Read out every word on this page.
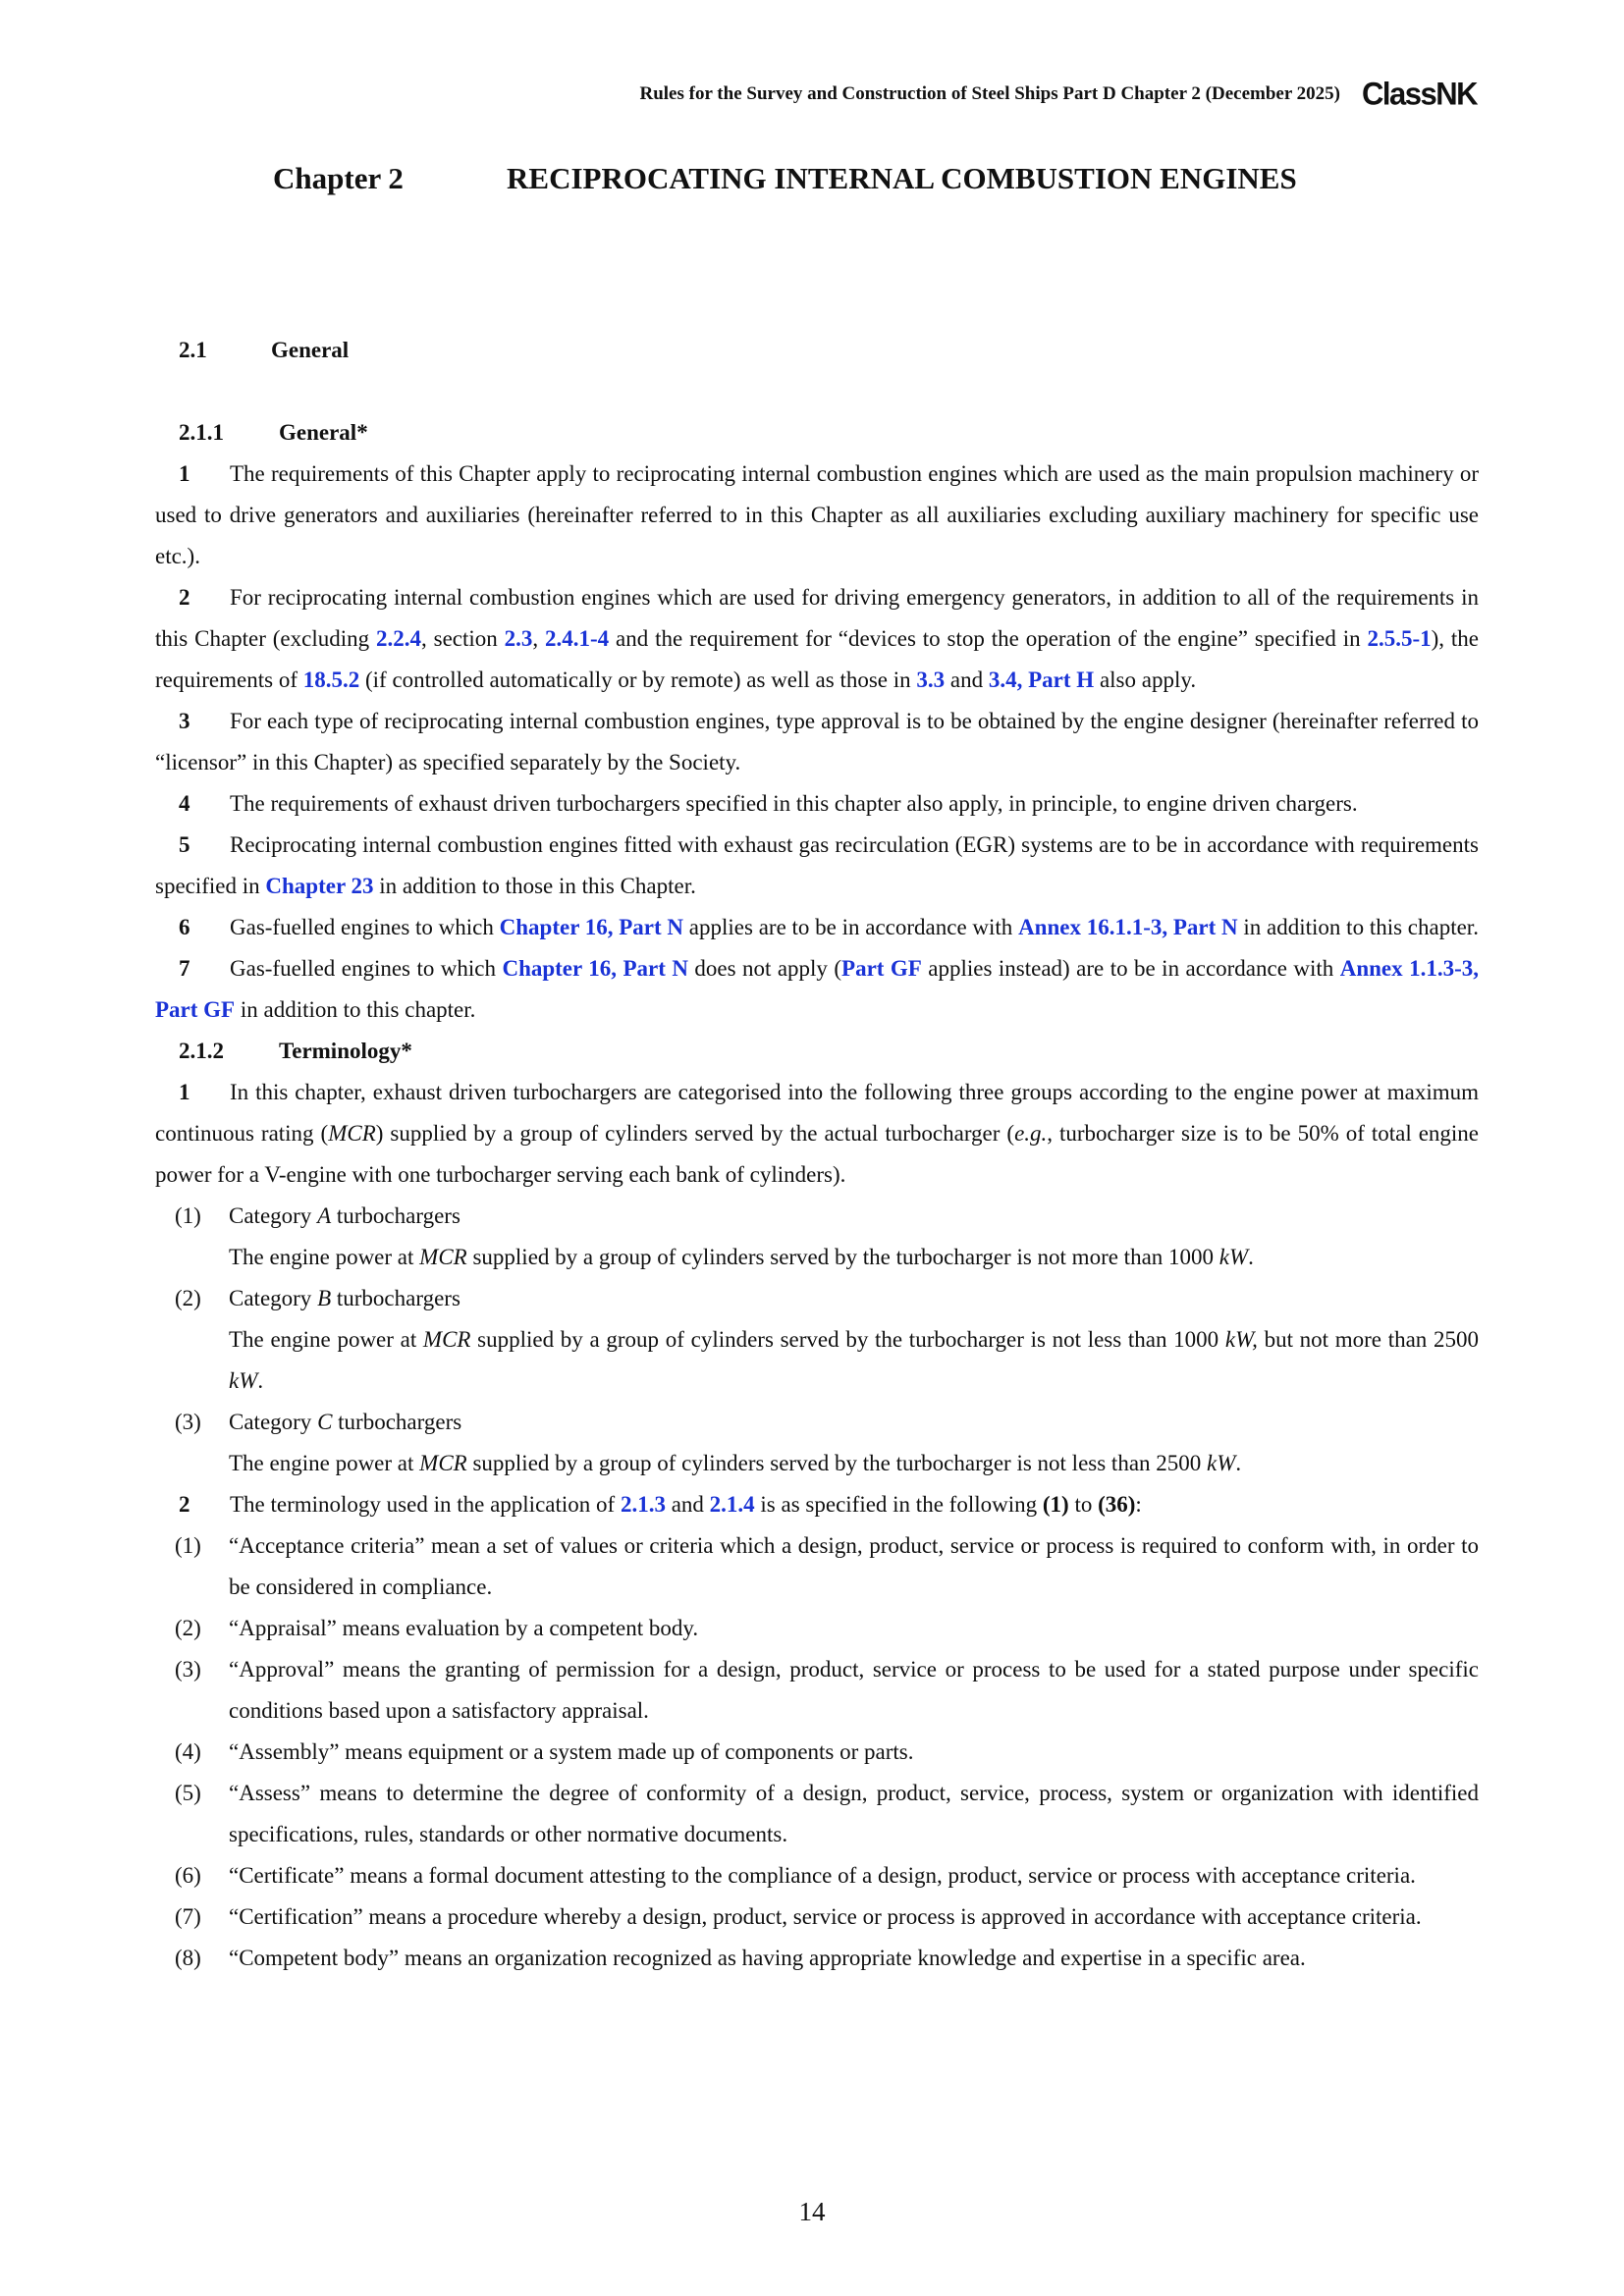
Rules for the Survey and Construction of Steel Ships Part D Chapter 2 (December 2025) ClassNK
Chapter 2	RECIPROCATING INTERNAL COMBUSTION ENGINES
2.1	General
2.1.1 General*

1 The requirements of this Chapter apply to reciprocating internal combustion engines which are used as the main propulsion machinery or used to drive generators and auxiliaries (hereinafter referred to in this Chapter as all auxiliaries excluding auxiliary machinery for specific use etc.).

2 For reciprocating internal combustion engines which are used for driving emergency generators, in addition to all of the requirements in this Chapter (excluding 2.2.4, section 2.3, 2.4.1-4 and the requirement for “devices to stop the operation of the engine” specified in 2.5.5-1), the requirements of 18.5.2 (if controlled automatically or by remote) as well as those in 3.3 and 3.4, Part H also apply.

3 For each type of reciprocating internal combustion engines, type approval is to be obtained by the engine designer (hereinafter referred to “licensor” in this Chapter) as specified separately by the Society.

4 The requirements of exhaust driven turbochargers specified in this chapter also apply, in principle, to engine driven chargers.

5 Reciprocating internal combustion engines fitted with exhaust gas recirculation (EGR) systems are to be in accordance with requirements specified in Chapter 23 in addition to those in this Chapter.

6 Gas-fuelled engines to which Chapter 16, Part N applies are to be in accordance with Annex 16.1.1-3, Part N in addition to this chapter.

7 Gas-fuelled engines to which Chapter 16, Part N does not apply (Part GF applies instead) are to be in accordance with Annex 1.1.3-3, Part GF in addition to this chapter.

2.1.2 Terminology*

1 In this chapter, exhaust driven turbochargers are categorised into the following three groups according to the engine power at maximum continuous rating (MCR) supplied by a group of cylinders served by the actual turbocharger (e.g., turbocharger size is to be 50% of total engine power for a V-engine with one turbocharger serving each bank of cylinders).

(1) Category A turbochargers
The engine power at MCR supplied by a group of cylinders served by the turbocharger is not more than 1000 kW.
(2) Category B turbochargers
The engine power at MCR supplied by a group of cylinders served by the turbocharger is not less than 1000 kW, but not more than 2500 kW.
(3) Category C turbochargers
The engine power at MCR supplied by a group of cylinders served by the turbocharger is not less than 2500 kW.

2 The terminology used in the application of 2.1.3 and 2.1.4 is as specified in the following (1) to (36):

(1) “Acceptance criteria” mean a set of values or criteria which a design, product, service or process is required to conform with, in order to be considered in compliance.
(2) “Appraisal” means evaluation by a competent body.
(3) “Approval” means the granting of permission for a design, product, service or process to be used for a stated purpose under specific conditions based upon a satisfactory appraisal.
(4) “Assembly” means equipment or a system made up of components or parts.
(5) “Assess” means to determine the degree of conformity of a design, product, service, process, system or organization with identified specifications, rules, standards or other normative documents.
(6) “Certificate” means a formal document attesting to the compliance of a design, product, service or process with acceptance criteria.
(7) “Certification” means a procedure whereby a design, product, service or process is approved in accordance with acceptance criteria.
(8) “Competent body” means an organization recognized as having appropriate knowledge and expertise in a specific area.
14
